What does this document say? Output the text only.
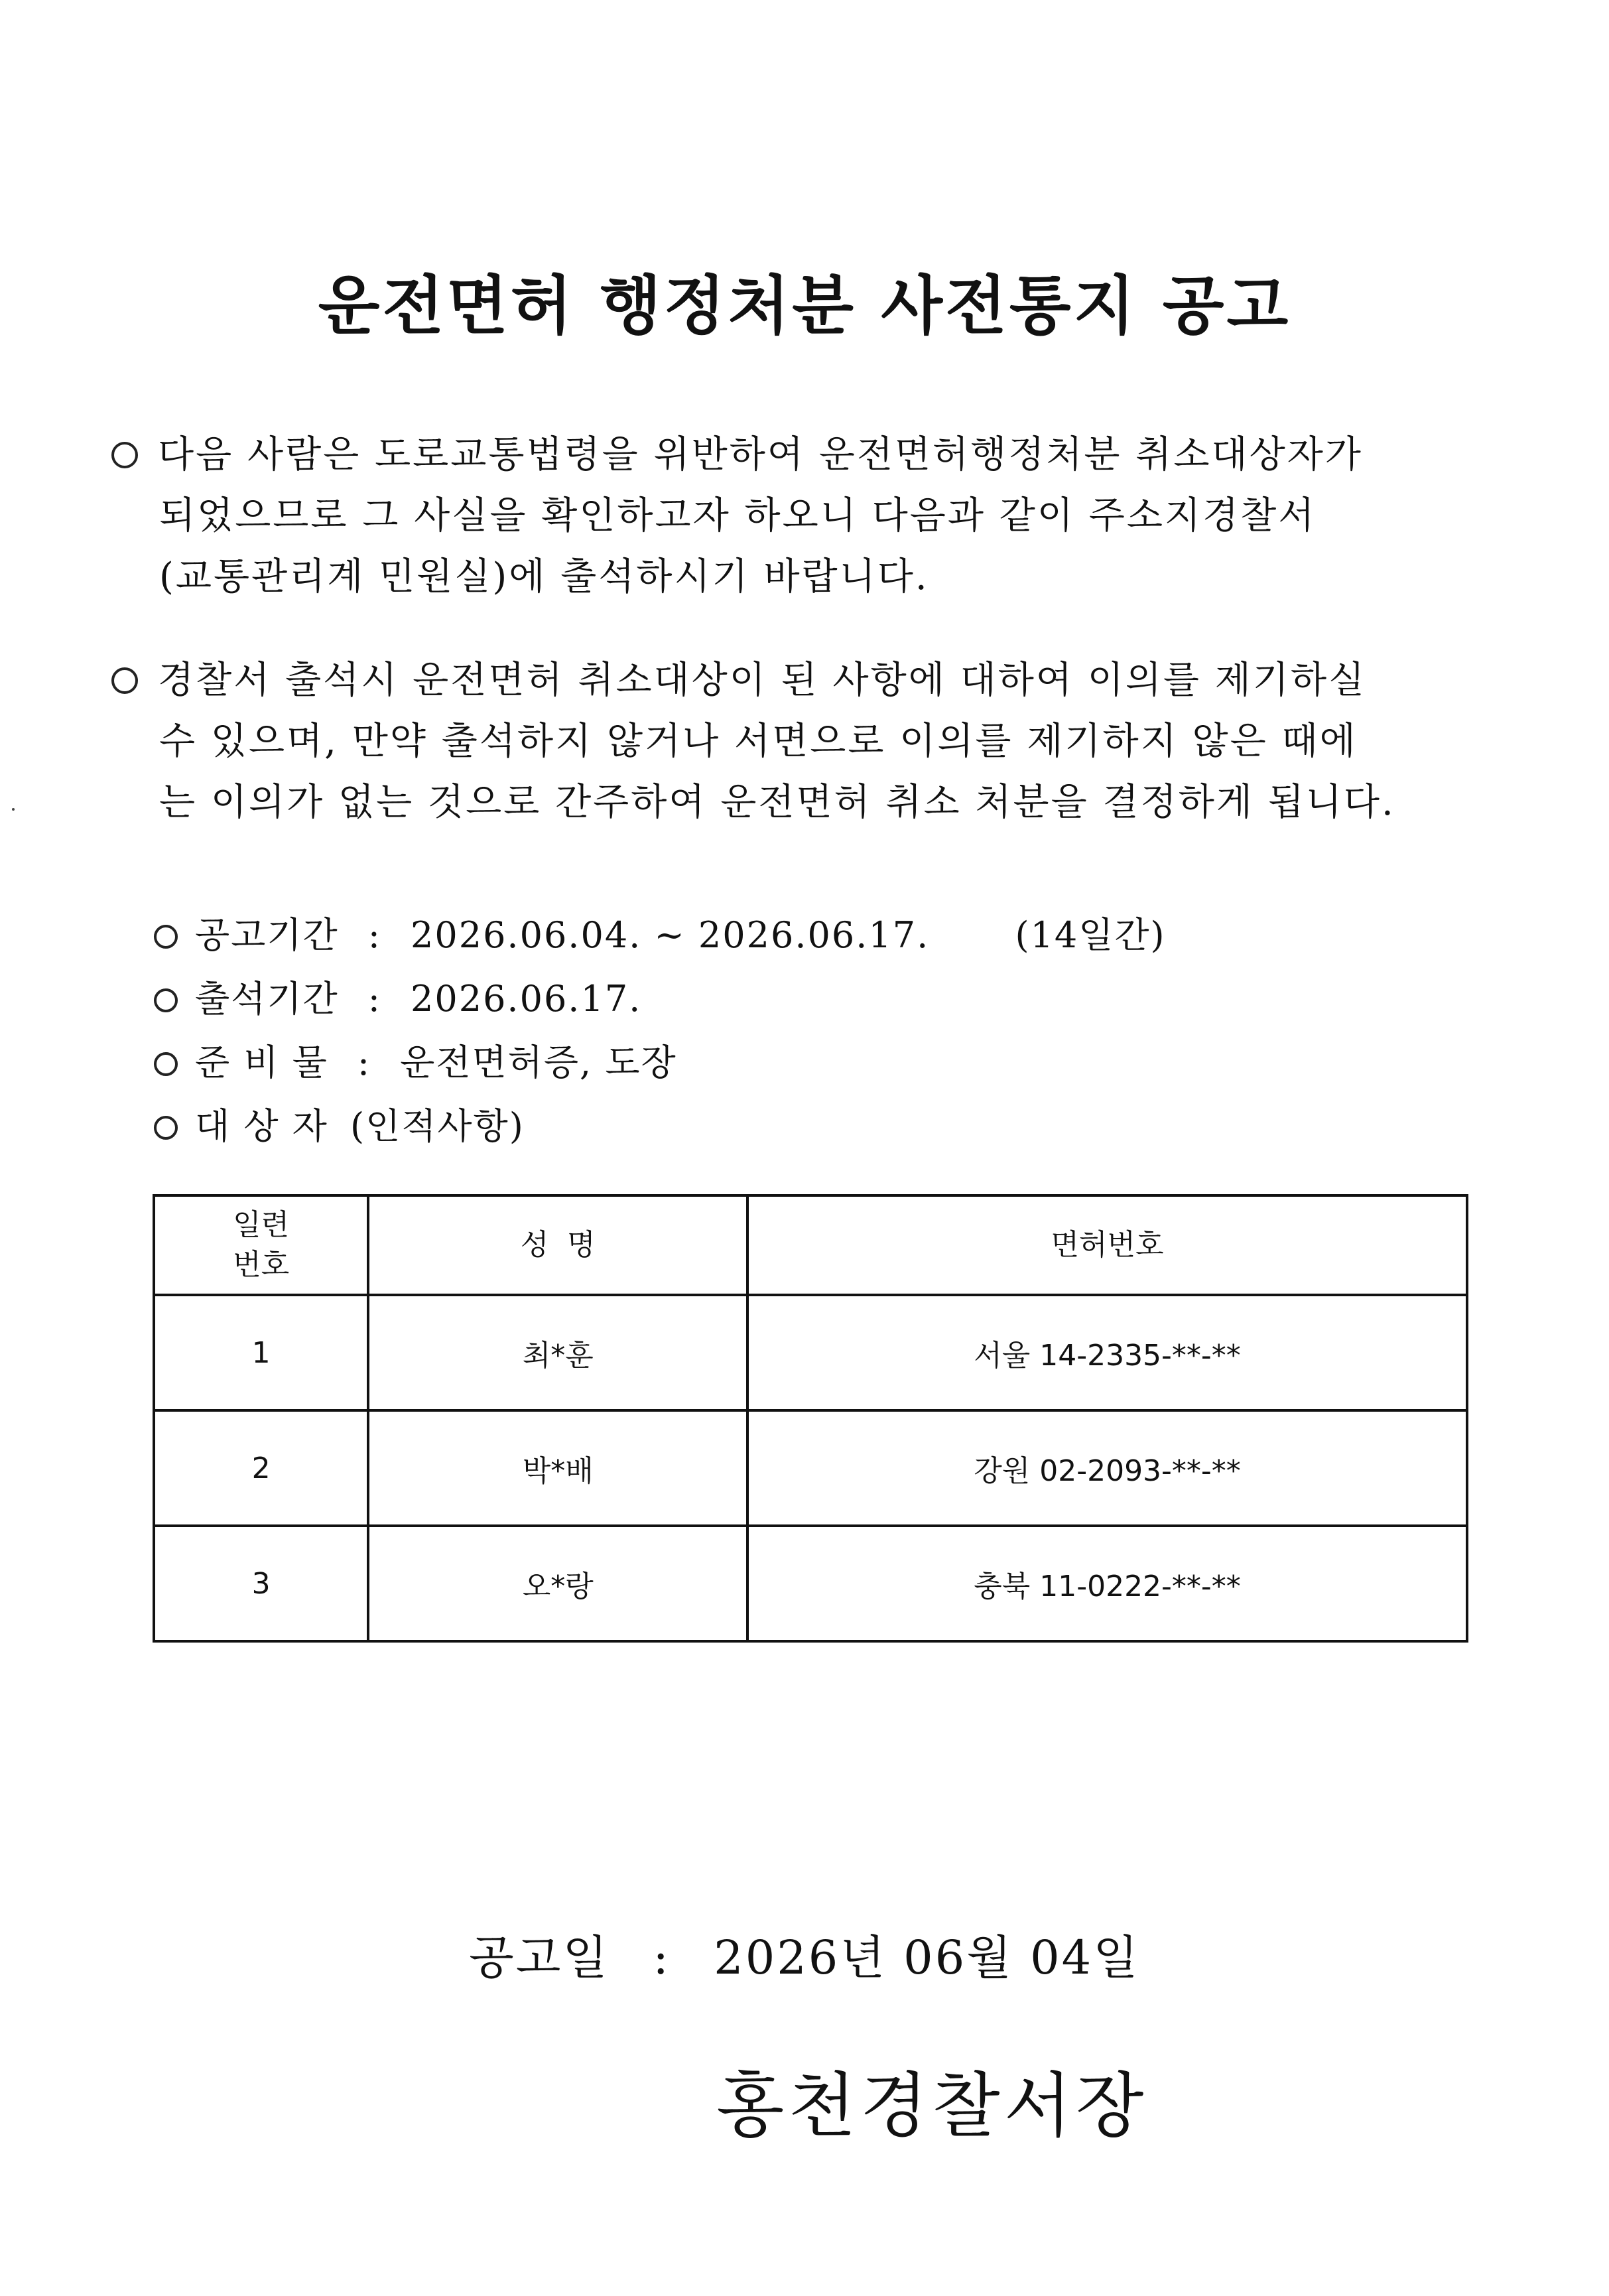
운전면허 행정처분 사전통지 공고
다음 사람은 도로교통법령을 위반하여 운전면허행정처분 취소대상자가
되었으므로 그 사실을 확인하고자 하오니 다음과 같이 주소지경찰서
(교통관리계 민원실)에 출석하시기 바랍니다.
경찰서 출석시 운전면허 취소대상이 된 사항에 대하여 이의를 제기하실
수 있으며, 만약 출석하지 않거나 서면으로 이의를 제기하지 않은 때에
는 이의가 없는 것으로 간주하여 운전면허 취소 처분을 결정하게 됩니다.
공고기간 : 2026.06.04. ~ 2026.06.17. (14일간)
출석기간 : 2026.06.17.
준 비 물 : 운전면허증, 도장
대 상 자 (인적사항)
일련
번호	성  명	면허번호
1	최*훈	서울 14-2335-**-**
2	박*배	강원 02-2093-**-**
3	오*랑	충북 11-0222-**-**
공고일 : 2026년 06월 04일
홍천경찰서장
